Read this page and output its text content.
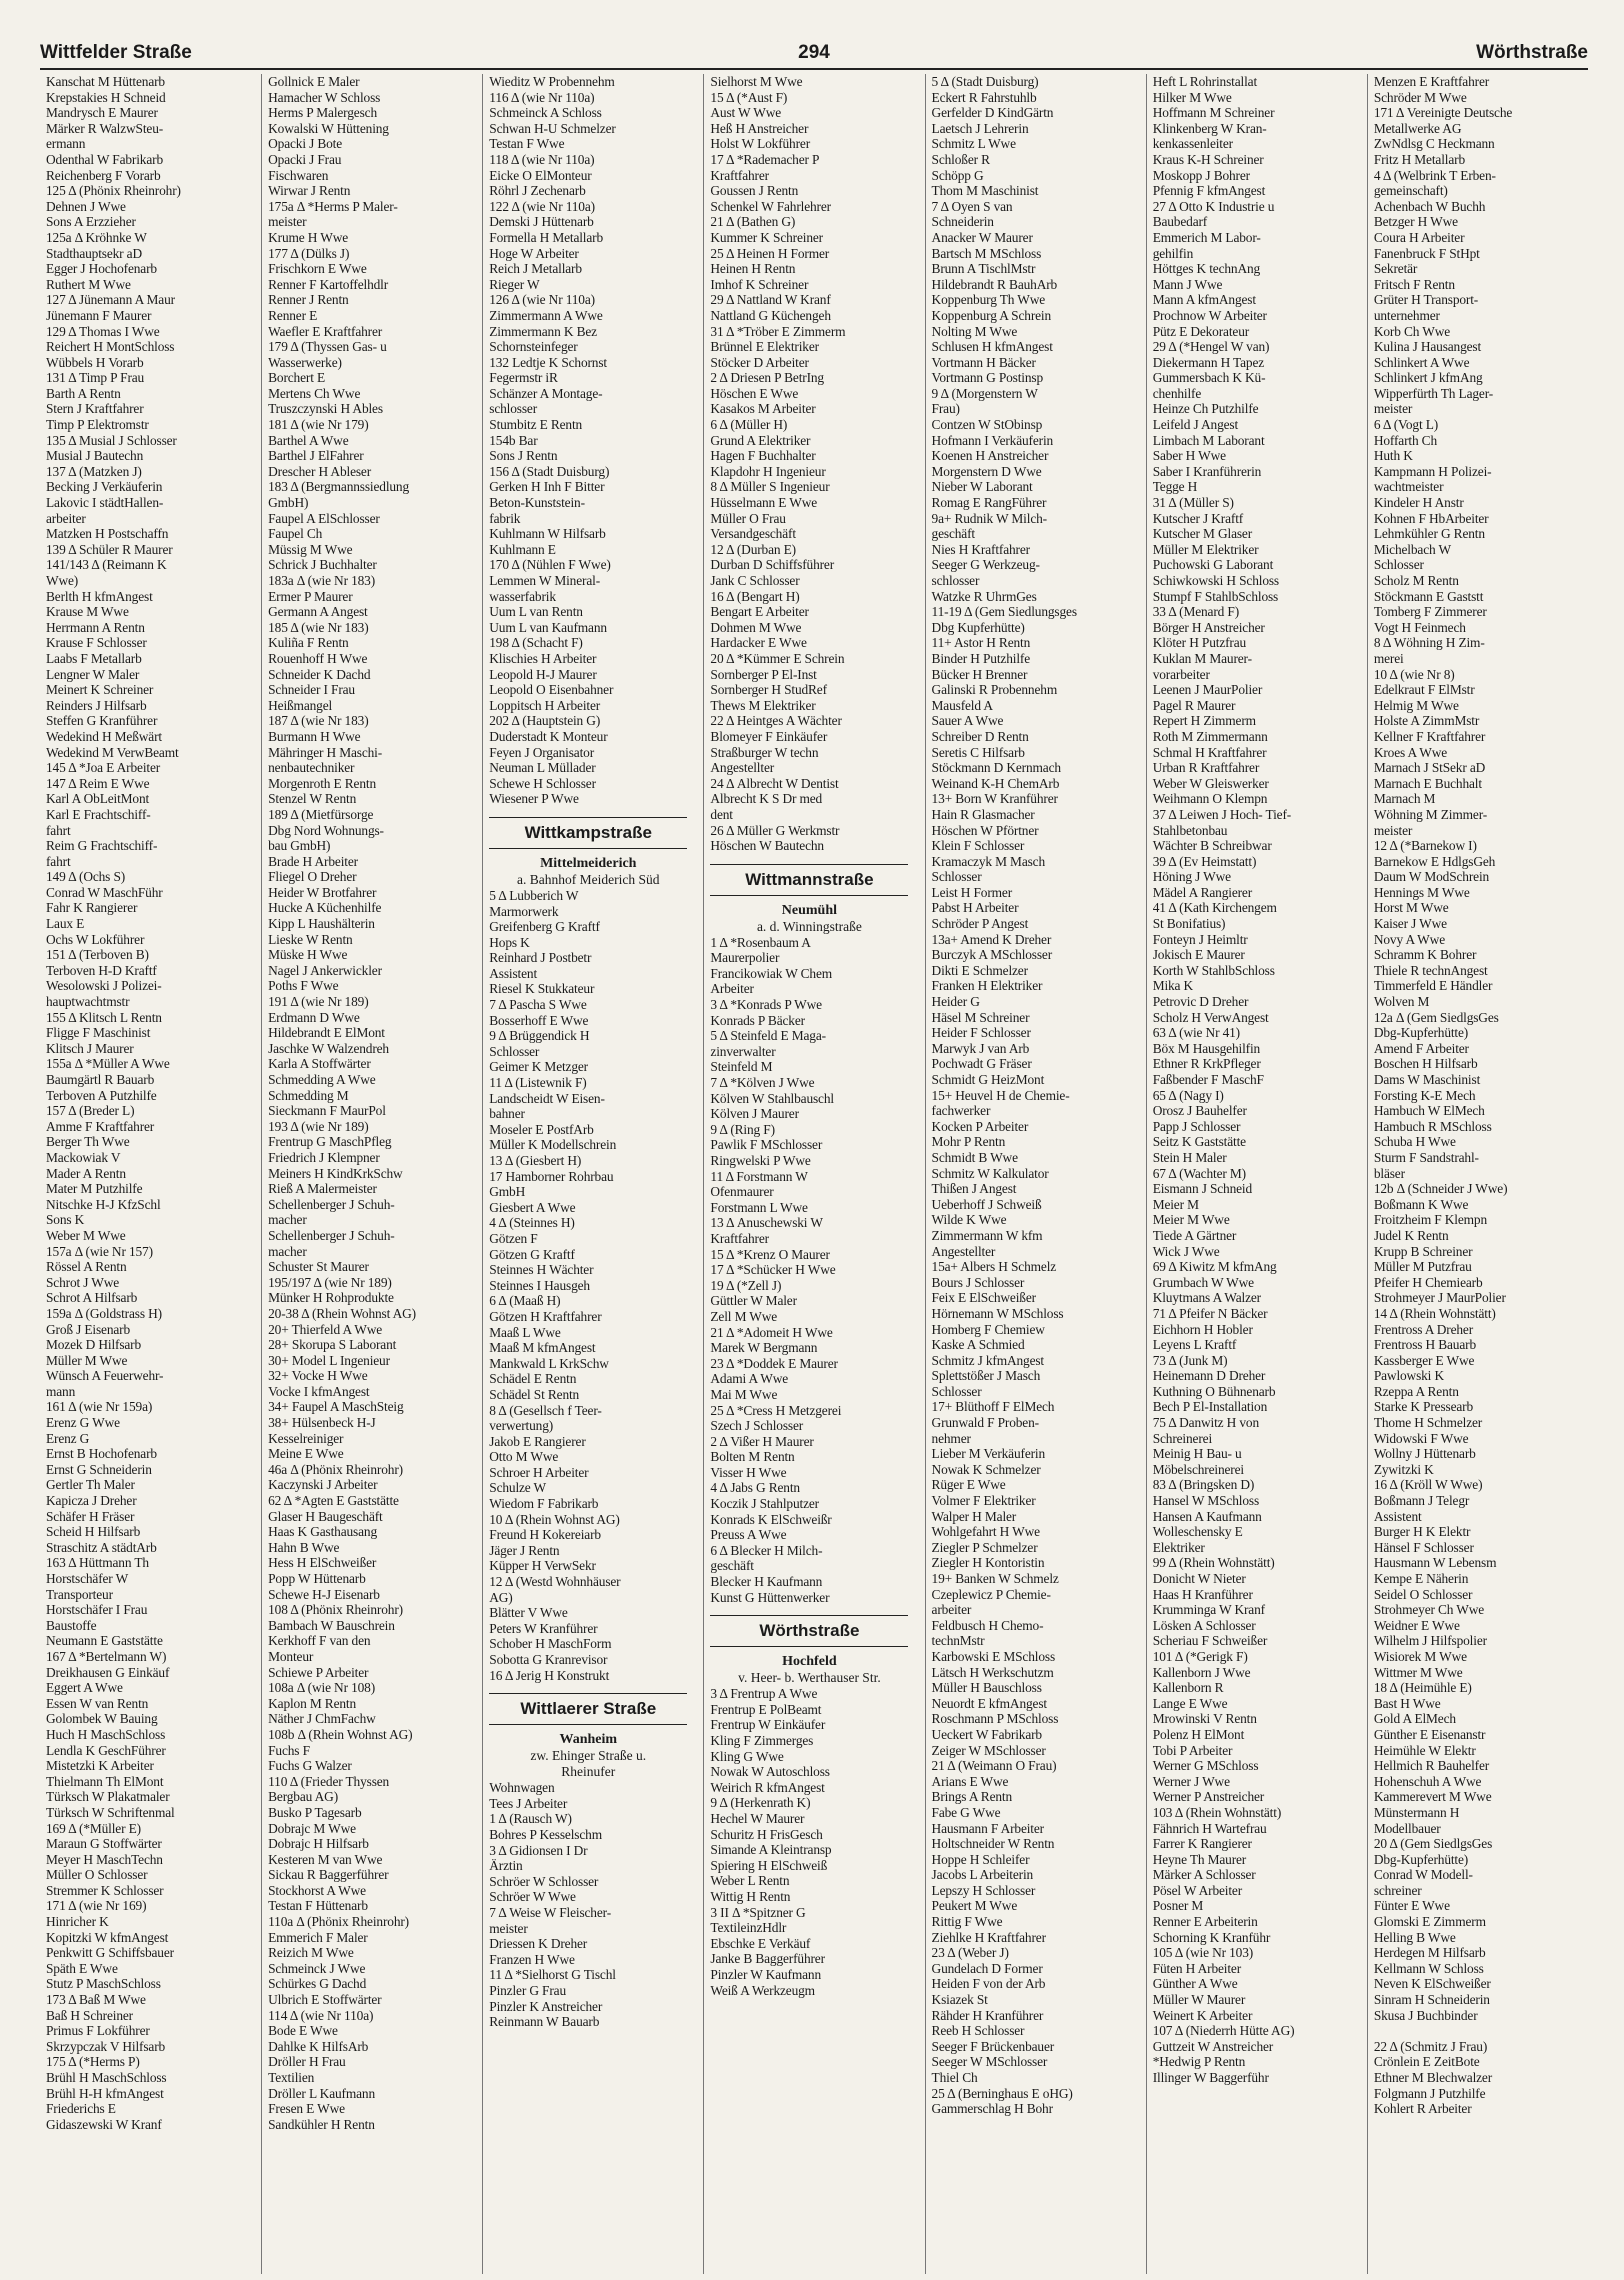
Wittfelder Straße	294	Wörthstraße
Kanschat M Hüttenarb
Krepstakies H Schneid
Mandrysch E Maurer
Märker R WalzwSteu-
ermann
Odenthal W Fabrikarb
Reichenberg F Vorarb
125 Δ (Phönix Rheinrohr)
Dehnen J Wwe
Sons A Erzzieher
125a Δ Kröhnke W
Stadthauptsekr aD
Egger J Hochofenarb
Ruthert M Wwe
127 Δ Jünemann A Maur
Jünemann F Maurer
129 Δ Thomas I Wwe
Reichert H MontSchloss
Wübbels H Vorarb
131 Δ Timp P Frau
Barth A Rentn
Stern J Kraftfahrer
Timp P Elektromstr
135 Δ Musial J Schlosser
Musial J Bautechn
137 Δ (Matzken J)
Becking J Verkäuferin
Lakovic I städtHallen-
arbeiter
Matzken H Postschaffn
139 Δ Schüler R Maurer
141/143 Δ (Reimann K
Wwe)
Berlth H kfmAngest
Krause M Wwe
Herrmann A Rentn
Krause F Schlosser
Laabs F Metallarb
Lengner W Maler
Meinert K Schreiner
Reinders J Hilfsarb
Steffen G Kranführer
Wedekind H Meßwärt
Wedekind M VerwBeamt
145 Δ *Joa E Arbeiter
147 Δ Reim E Wwe
Karl A ObLeitMont
Karl E Frachtschiff-
fahrt
Reim G Frachtschiff-
fahrt
149 Δ (Ochs S)
Conrad W MaschFühr
Fahr K Rangierer
Laux E
Ochs W Lokführer
151 Δ (Terboven B)
Terboven H-D Kraftf
Wesolowski J Polizei-
hauptwachtmstr
155 Δ Klitsch L Rentn
Fligge F Maschinist
Klitsch J Maurer
155a Δ *Müller A Wwe
Baumgärtl R Bauarb
Terboven A Putzhilfe
157 Δ (Breder L)
Amme F Kraftfahrer
Berger Th Wwe
Mackowiak V
Mader A Rentn
Mater M Putzhilfe
Nitschke H-J KfzSchl
Sons K
Weber M Wwe
157a Δ (wie Nr 157)
Rössel A Rentn
Schrot J Wwe
Schrot A Hilfsarb
159a Δ (Goldstrass H)
Groß J Eisenarb
Mozek D Hilfsarb
Müller M Wwe
Wünsch A Feuerwehr-
mann
161 Δ (wie Nr 159a)
Erenz G Wwe
Erenz G
Ernst B Hochofenarb
Ernst G Schneiderin
Gertler Th Maler
Kapicza J Dreher
Schäfer H Fräser
Scheid H Hilfsarb
Straschitz A städtArb
163 Δ Hüttmann Th
Horstschäfer W
Transporteur
Horstschäfer I Frau
Baustoffe
Neumann E Gaststätte
167 Δ *Bertelmann W)
Dreikhausen G Einkäuf
Eggert A Wwe
Essen W van Rentn
Golombek W Bauing
Huch H MaschSchloss
Lendla K GeschFührer
Mistetzki K Arbeiter
Thielmann Th ElMont
Türksch W Plakatmaler
Türksch W Schriftenmal
169 Δ (*Müller E)
Maraun G Stoffwärter
Meyer H MaschTechn
Müller O Schlosser
Stremmer K Schlosser
171 Δ (wie Nr 169)
Hinricher K
Kopitzki W kfmAngest
Penkwitt G Schiffsbauer
Späth E Wwe
Stutz P MaschSchloss
173 Δ Baß M Wwe
Baß H Schreiner
Primus F Lokführer
Skrzypczak V Hilfsarb
175 Δ (*Herms P)
Brühl H MaschSchloss
Brühl H-H kfmAngest
Friederichs E
Gidaszewski W Kranf
Gollnick E Maler
Hamacher W Schloss
Herms P Malergesch
Kowalski W Hüttening
Opacki J Bote
Opacki J Frau
Fischwaren
Wirwar J Rentn
175a Δ *Herms P Maler-
meister
Krume H Wwe
177 Δ (Dülks J)
Frischkorn E Wwe
Renner F Kartoffelhdlr
Renner J Rentn
Renner E
Waefler E Kraftfahrer
179 Δ (Thyssen Gas- u
Wasserwerke)
Borchert E
Mertens Ch Wwe
Truszczynski H Ables
181 Δ (wie Nr 179)
Barthel A Wwe
Barthel J ElFahrer
Drescher H Ableser
183 Δ (Bergmannssiedlung
GmbH)
Faupel A ElSchlosser
Faupel Ch
Müssig M Wwe
Schrick J Buchhalter
183a Δ (wie Nr 183)
Ermer P Maurer
Germann A Angest
185 Δ (wie Nr 183)
Kuliña F Rentn
Rouenhoff H Wwe
Schneider K Dachd
Schneider I Frau
Heißmangel
187 Δ (wie Nr 183)
Burmann H Wwe
Mähringer H Maschi-
nenbautechniker
Morgenroth E Rentn
Stenzel W Rentn
189 Δ (Mietfürsorge
Dbg Nord Wohnungs-
bau GmbH)
Brade H Arbeiter
Fliegel O Dreher
Heider W Brotfahrer
Hucke A Küchenhilfe
Kipp L Haushälterin
Lieske W Rentn
Müske H Wwe
Nagel J Ankerwickler
Poths F Wwe
191 Δ (wie Nr 189)
Erdmann D Wwe
Hildebrandt E ElMont
Jaschke W Walzendreh
Karla A Stoffwärter
Schmedding A Wwe
Schmedding M
Sieckmann F MaurPol
193 Δ (wie Nr 189)
Frentrup G MaschPfleg
Friedrich J Klempner
Meiners H KindKrkSchw
Rieß A Malermeister
Schellenberger J Schuh-
macher
Schellenberger J Schuh-
macher
Schuster St Maurer
195/197 Δ (wie Nr 189)
Münker H Rohprodukte
20-38 Δ (Rhein Wohnst AG)
20+ Thierfeld A Wwe
28+ Skorupa S Laborant
30+ Model L Ingenieur
32+ Vocke H Wwe
Vocke I kfmAngest
34+ Faupel A MaschSteig
38+ Hülsenbeck H-J
Kesselreiniger
Meine E Wwe
46a Δ (Phönix Rheinrohr)
Kaczynski J Arbeiter
62 Δ *Agten E Gaststätte
Glaser H Baugeschäft
Haas K Gasthausang
Hahn B Wwe
Hess H ElSchweißer
Popp W Hüttenarb
Schewe H-J Eisenarb
108 Δ (Phönix Rheinrohr)
Bambach W Bauschrein
Kerkhoff F van den
Monteur
Schiewe P Arbeiter
108a Δ (wie Nr 108)
Kaplon M Rentn
Näther J ChmFachw
108b Δ (Rhein Wohnst AG)
Fuchs F
Fuchs G Walzer
110 Δ (Frieder Thyssen
Bergbau AG)
Busko P Tagesarb
Dobrajc M Wwe
Dobrajc H Hilfsarb
Kesteren M van Wwe
Sickau R Baggerführer
Stockhorst A Wwe
Testan F Hüttenarb
110a Δ (Phönix Rheinrohr)
Emmerich F Maler
Reizich M Wwe
Schmeinck J Wwe
Schürkes G Dachd
Ulbrich E Stoffwärter
114 Δ (wie Nr 110a)
Bode E Wwe
Dahlke K HilfsArb
Dröller H Frau
Textilien
Dröller L Kaufmann
Fresen E Wwe
Sandkühler H Rentn
Wieditz W Probennehm
116 Δ (wie Nr 110a)
Schmeinck A Schloss
Schwan H-U Schmelzer
Testan F Wwe
118 Δ (wie Nr 110a)
Eicke O ElMonteur
Röhrl J Zechenarb
122 Δ (wie Nr 110a)
Demski J Hüttenarb
Formella H Metallarb
Hoge W Arbeiter
Reich J Metallarb
Rieger W
126 Δ (wie Nr 110a)
Zimmermann A Wwe
Zimmermann K Bez
Schornsteinfeger
132 Ledtje K Schornst
Fegermstr iR
Schänzer A Montage-
schlosser
Stumbitz E Rentn
154b Bar
Sons J Rentn
156 Δ (Stadt Duisburg)
Gerken H Inh F Bitter
Beton-Kunststein-
fabrik
Kuhlmann W Hilfsarb
Kuhlmann E
170 Δ (Nühlen F Wwe)
Lemmen W Mineral-
wasserfabrik
Uum L van Rentn
Uum L van Kaufmann
198 Δ (Schacht F)
Klischies H Arbeiter
Leopold H-J Maurer
Leopold O Eisenbahner
Loppitsch H Arbeiter
202 Δ (Hauptstein G)
Duderstadt K Monteur
Feyen J Organisator
Neuman L Müllader
Schewe H Schlosser
Wiesener P Wwe
Wittkampstraße
Mittelmeiderich
a. Bahnhof Meiderich Süd
5 Δ Lubberich W
Marmorwerk
Greifenberg G Kraftf
Hops K
Reinhard J Postbetr
Assistent
Riesel K Stukkateur
7 Δ Pascha S Wwe
Bosserhoff E Wwe
9 Δ Brüggendick H
Schlosser
Geimer K Metzger
11 Δ (Listewnik F)
Landscheidt W Eisen-
bahner
Moseler E PostfArb
Müller K Modellschrein
13 Δ (Giesbert H)
17 Hamborner Rohrbau
GmbH
Giesbert A Wwe
4 Δ (Steinnes H)
Götzen F
Götzen G Kraftf
Steinnes H Wächter
Steinnes I Hausgeh
6 Δ (Maaß H)
Götzen H Kraftfahrer
Maaß L Wwe
Maaß M kfmAngest
Mankwald L KrkSchw
Schädel E Rentn
Schädel St Rentn
8 Δ (Gesellsch f Teer-
verwertung)
Jakob E Rangierer
Otto M Wwe
Schroer H Arbeiter
Schulze W
Wiedom F Fabrikarb
10 Δ (Rhein Wohnst AG)
Freund H Kokereiarb
Jäger J Rentn
Küpper H VerwSekr
12 Δ (Westd Wohnhäuser
AG)
Blätter V Wwe
Peters W Kranführer
Schober H MaschForm
Sobotta G Kranrevisor
16 Δ Jerig H Konstrukt
Wittlaerer Straße
Wanheim
zw. Ehinger Straße u.
Rheinufer
Wohnwagen
Tees J Arbeiter
1 Δ (Rausch W)
Bohres P Kesselschm
3 Δ Gidionsen I Dr
Ärztin
Schröer W Schlosser
Schröer W Wwe
7 Δ Weise W Fleischer-
meister
Driessen K Dreher
Franzen H Wwe
11 Δ *Sielhorst G Tischl
Pinzler G Frau
Pinzler K Anstreicher
Reinmann W Bauarb
Sielhorst M Wwe
15 Δ (*Aust F)
Aust W Wwe
Heß H Anstreicher
Holst W Lokführer
17 Δ *Rademacher P
Kraftfahrer
Goussen J Rentn
Schenkel W Fahrlehrer
21 Δ (Bathen G)
Kummer K Schreiner
25 Δ Heinen H Former
Heinen H Rentn
Imhof K Schreiner
29 Δ Nattland W Kranf
Nattland G Küchengeh
31 Δ *Tröber E Zimmerm
Brünnel E Elektriker
Stöcker D Arbeiter
2 Δ Driesen P BetrIng
Höschen E Wwe
Kasakos M Arbeiter
6 Δ (Müller H)
Grund A Elektriker
Hagen F Buchhalter
Klapdohr H Ingenieur
8 Δ Müller S Ingenieur
Hüsselmann E Wwe
Müller O Frau
Versandgeschäft
12 Δ (Durban E)
Durban D Schiffsführer
Jank C Schlosser
16 Δ (Bengart H)
Bengart E Arbeiter
Dohmen M Wwe
Hardacker E Wwe
20 Δ *Kümmer E Schrein
Sornberger P El-Inst
Sornberger H StudRef
Thews M Elektriker
22 Δ Heintges A Wächter
Blomeyer F Einkäufer
Straßburger W techn
Angestellter
24 Δ Albrecht W Dentist
Albrecht K S Dr med
dent
26 Δ Müller G Werkmstr
Höschen W Bautechn
Wittmannstraße
Neumühl
a. d. Winningstraße
1 Δ *Rosenbaum A
Maurerpolier
Francikowiak W Chem
Arbeiter
3 Δ *Konrads P Wwe
Konrads P Bäcker
5 Δ Steinfeld E Maga-
zinverwalter
Steinfeld M
7 Δ *Kölven J Wwe
Kölven W Stahlbauschl
Kölven J Maurer
9 Δ (Ring F)
Pawlik F MSchlosser
Ringwelski P Wwe
11 Δ Forstmann W
Ofenmaurer
Forstmann L Wwe
13 Δ Anuschewski W
Kraftfahrer
15 Δ *Krenz O Maurer
17 Δ *Schücker H Wwe
19 Δ (*Zell J)
Güttler W Maler
Zell M Wwe
21 Δ *Adomeit H Wwe
Marek W Bergmann
23 Δ *Doddek E Maurer
Adami A Wwe
Mai M Wwe
25 Δ *Cress H Metzgerei
Szech J Schlosser
2 Δ Vißer H Maurer
Bolten M Rentn
Visser H Wwe
4 Δ Jabs G Rentn
Koczik J Stahlputzer
Konrads K ElSchweißr
Preuss A Wwe
6 Δ Blecker H Milch-
geschäft
Blecker H Kaufmann
Kunst G Hüttenwerker
Wörthstraße
Hochfeld
v. Heer- b. Werthauser Str.
3 Δ Frentrup A Wwe
Frentrup E PolBeamt
Frentrup W Einkäufer
Kling F Zimmerges
Kling G Wwe
Nowak W Autoschloss
Weirich R kfmAngest
9 Δ (Herkenrath K)
Hechel W Maurer
Schuritz H FrisGesch
Simande A Kleintransp
Spiering H ElSchweiß
Weber L Rentn
Wittig H Rentn
3 II Δ *Spitzner G
TextileinzHdlr
Ebschke E Verkäuf
Janke B Baggerführer
Pinzler W Kaufmann
Weiß A Werkzeugm
5 Δ (Stadt Duisburg)
Eckert R Fahrstuhlb
Gerfelder D KindGärtn
Laetsch J Lehrerin
Schmitz L Wwe
Schloßer R
Schöpp G
Thom M Maschinist
7 Δ Oyen S van
Schneiderin
Anacker W Maurer
Bartsch M MSchloss
Brunn A TischlMstr
Hildebrandt R BauhArb
Koppenburg Th Wwe
Koppenburg A Schrein
Nolting M Wwe
Schlusen H kfmAngest
Vortmann H Bäcker
Vortmann G Postinsp
9 Δ (Morgenstern W
Frau)
Contzen W StObinsp
Hofmann I Verkäuferin
Koenen H Anstreicher
Morgenstern D Wwe
Nieber W Laborant
Romag E RangFührer
9a+ Rudnik W Milch-
geschäft
Nies H Kraftfahrer
Seeger G Werkzeug-
schlosser
Watzke R UhrmGes
11-19 Δ (Gem Siedlungsges
Dbg Kupferhütte)
11+ Astor H Rentn
Binder H Putzhilfe
Bücker H Brenner
Galinski R Probennehm
Mausfeld A
Sauer A Wwe
Schreiber D Rentn
Seretis C Hilfsarb
Stöckmann D Kernmach
Weinand K-H ChemArb
13+ Born W Kranführer
Hain R Glasmacher
Höschen W Pförtner
Klein F Schlosser
Kramaczyk M Masch
Schlosser
Leist H Former
Pabst H Arbeiter
Schröder P Angest
13a+ Amend K Dreher
Burczyk A MSchlosser
Dikti E Schmelzer
Franken H Elektriker
Heider G
Häsel M Schreiner
Heider F Schlosser
Marwyk J van Arb
Pochwadt G Fräser
Schmidt G HeizMont
15+ Heuvel H de Chemie-
fachwerker
Kocken P Arbeiter
Mohr P Rentn
Schmidt B Wwe
Schmitz W Kalkulator
Thißen J Angest
Ueberhoff J Schweiß
Wilde K Wwe
Zimmermann W kfm
Angestellter
15a+ Albers H Schmelz
Bours J Schlosser
Feix E ElSchweißer
Hörnemann W MSchloss
Homberg F Chemiew
Kaske A Schmied
Schmitz J kfmAngest
Splettstößer J Masch
Schlosser
17+ Blüthoff F ElMech
Grunwald F Proben-
nehmer
Lieber M Verkäuferin
Nowak K Schmelzer
Rüger E Wwe
Volmer F Elektriker
Walper H Maler
Wohlgefahrt H Wwe
Ziegler P Schmelzer
Ziegler H Kontoristin
19+ Banken W Schmelz
Czeplewicz P Chemie-
arbeiter
Feldbusch H Chemo-
technMstr
Karbowski E MSchloss
Lätsch H Werkschutzm
Müller H Bauschloss
Neuordt E kfmAngest
Roschmann P MSchloss
Ueckert W Fabrikarb
Zeiger W MSchlosser
21 Δ (Weimann O Frau)
Arians E Wwe
Brings A Rentn
Fabe G Wwe
Hausmann F Arbeiter
Holtschneider W Rentn
Hoppe H Schleifer
Jacobs L Arbeiterin
Lepszy H Schlosser
Peukert M Wwe
Rittig F Wwe
Ziehlke H Kraftfahrer
23 Δ (Weber J)
Gundelach D Former
Heiden F von der Arb
Ksiazek St
Rähder H Kranführer
Reeb H Schlosser
Seeger F Brückenbauer
Seeger W MSchlosser
Thiel Ch
25 Δ (Berninghaus E oHG)
Gammerschlag H Bohr
Heft L Rohrinstallat
Hilker M Wwe
Hoffmann M Schreiner
Klinkenberg W Kran-
kenkassenleiter
Kraus K-H Schreiner
Moskopp J Bohrer
Pfennig F kfmAngest
27 Δ Otto K Industrie u
Baubedarf
Emmerich M Labor-
gehilfin
Höttges K technAng
Mann J Wwe
Mann A kfmAngest
Prochnow W Arbeiter
Pütz E Dekorateur
29 Δ (*Hengel W van)
Diekermann H Tapez
Gummersbach K Kü-
chenhilfe
Heinze Ch Putzhilfe
Leifeld J Angest
Limbach M Laborant
Saber H Wwe
Saber I Kranführerin
Tegge H
31 Δ (Müller S)
Kutscher J Kraftf
Kutscher M Glaser
Müller M Elektriker
Puchowski G Laborant
Schiwkowski H Schloss
Stumpf F StahlbSchloss
33 Δ (Menard F)
Börger H Anstreicher
Klöter H Putzfrau
Kuklan M Maurer-
vorarbeiter
Leenen J MaurPolier
Pagel R Maurer
Repert H Zimmerm
Roth M Zimmermann
Schmal H Kraftfahrer
Urban R Kraftfahrer
Weber W Gleiswerker
Weihmann O Klempn
37 Δ Leiwen J Hoch- Tief-
Stahlbetonbau
Wächter B Schreibwar
39 Δ (Ev Heimstatt)
Höning J Wwe
Mädel A Rangierer
41 Δ (Kath Kirchengem
St Bonifatius)
Fonteyn J Heimltr
Jokisch E Maurer
Korth W StahlbSchloss
Mika K
Petrovic D Dreher
Scholz H VerwAngest
63 Δ (wie Nr 41)
Böx M Hausgehilfin
Ethner R KrkPfleger
Faßbender F MaschF
65 Δ (Nagy I)
Orosz J Bauhelfer
Papp J Schlosser
Seitz K Gaststätte
Stein H Maler
67 Δ (Wachter M)
Eismann J Schneid
Meier M
Meier M Wwe
Tiede A Gärtner
Wick J Wwe
69 Δ Kiwitz M kfmAng
Grumbach W Wwe
Kluytmans A Walzer
71 Δ Pfeifer N Bäcker
Eichhorn H Hobler
Leyens L Kraftf
73 Δ (Junk M)
Heinemann D Dreher
Kuthning O Bühnenarb
Bech P El-Installation
75 Δ Danwitz H von
Schreinerei
Meinig H Bau- u
Möbelschreinerei
83 Δ (Bringsken D)
Hansel W MSchloss
Hansen A Kaufmann
Wolleschensky E
Elektriker
99 Δ (Rhein Wohnstätt)
Donicht W Nieter
Haas H Kranführer
Krumminga W Kranf
Lösken A Schlosser
Scheriau F Schweißer
101 Δ (*Gerigk F)
Kallenborn J Wwe
Kallenborn R
Lange E Wwe
Mrowinski V Rentn
Polenz H ElMont
Tobi P Arbeiter
Werner G MSchloss
Werner J Wwe
Werner P Anstreicher
103 Δ (Rhein Wohnstätt)
Fähnrich H Wartefrau
Farrer K Rangierer
Heyne Th Maurer
Märker A Schlosser
Pösel W Arbeiter
Posner M
Renner E Arbeiterin
Schorning K Kranführ
105 Δ (wie Nr 103)
Füten H Arbeiter
Günther A Wwe
Müller W Maurer
Weinert K Arbeiter
107 Δ (Niederrh Hütte AG)
Guttzeit W Anstreicher
*Hedwig P Rentn
Illinger W Baggerführ
Menzen E Kraftfahrer
Schröder M Wwe
171 Δ Vereinigte Deutsche
Metallwerke AG
ZwNdlsg C Heckmann
Fritz H Metallarb
4 Δ (Welbrink T Erben-
gemeinschaft)
Achenbach W Buchh
Betzger H Wwe
Coura H Arbeiter
Fanenbruck F StHpt
Sekretär
Fritsch F Rentn
Grüter H Transport-
unternehmer
Korb Ch Wwe
Kulina J Hausangest
Schlinkert A Wwe
Schlinkert J kfmAng
Wipperfürth Th Lager-
meister
6 Δ (Vogt L)
Hoffarth Ch
Huth K
Kampmann H Polizei-
wachtmeister
Kindeler H Anstr
Kohnen F HbArbeiter
Lehmkühler G Rentn
Michelbach W
Schlosser
Scholz M Rentn
Stöckmann E Gaststt
Tomberg F Zimmerer
Vogt H Feinmech
8 Δ Wöhning H Zim-
merei
10 Δ (wie Nr 8)
Edelkraut F ElMstr
Helmig M Wwe
Holste A ZimmMstr
Kellner F Kraftfahrer
Kroes A Wwe
Marnach J StSekr aD
Marnach E Buchhalt
Marnach M
Wöhning M Zimmer-
meister
12 Δ (*Barnekow I)
Barnekow E HdlgsGeh
Daum W ModSchrein
Hennings M Wwe
Horst M Wwe
Kaiser J Wwe
Novy A Wwe
Schramm K Bohrer
Thiele R technAngest
Timmerfeld E Händler
Wolven M
12a Δ (Gem SiedlgsGes
Dbg-Kupferhütte)
Amend F Arbeiter
Boschen H Hilfsarb
Dams W Maschinist
Forsting K-E Mech
Hambuch W ElMech
Hambuch R MSchloss
Schuba H Wwe
Sturm F Sandstrahl-
bläser
12b Δ (Schneider J Wwe)
Boßmann K Wwe
Froitzheim F Klempn
Judel K Rentn
Krupp B Schreiner
Müller M Putzfrau
Pfeifer H Chemiearb
Strohmeyer J MaurPolier
14 Δ (Rhein Wohnstätt)
Frentross A Dreher
Frentross H Bauarb
Kassberger E Wwe
Pawlowski K
Rzeppa A Rentn
Starke K Pressearb
Thome H Schmelzer
Widowski F Wwe
Wollny J Hüttenarb
Zywitzki K
16 Δ (Kröll W Wwe)
Boßmann J Telegr
Assistent
Burger H K Elektr
Hänsel F Schlosser
Hausmann W Lebensm
Kempe E Näherin
Seidel O Schlosser
Strohmeyer Ch Wwe
Weidner E Wwe
Wilhelm J Hilfspolier
Wisiorek M Wwe
Wittmer M Wwe
18 Δ (Heimühle E)
Bast H Wwe
Gold A ElMech
Günther E Eisenanstr
Heimühle W Elektr
Hellmich R Bauhelfer
Hohenschuh A Wwe
Kammerevert M Wwe
Münstermann H
Modellbauer
20 Δ (Gem SiedlgsGes
Dbg-Kupferhütte)
Conrad W Modell-
schreiner
Fünter E Wwe
Glomski E Zimmerm
Helling B Wwe
Herdegen M Hilfsarb
Kellmann W Schloss
Neven K ElSchweißer
Sinram H Schneiderin
Skusa J Buchbinder
22 Δ (Schmitz J Frau)
Crönlein E ZeitBote
Ethner M Blechwalzer
Folgmann J Putzhilfe
Kohlert R Arbeiter
